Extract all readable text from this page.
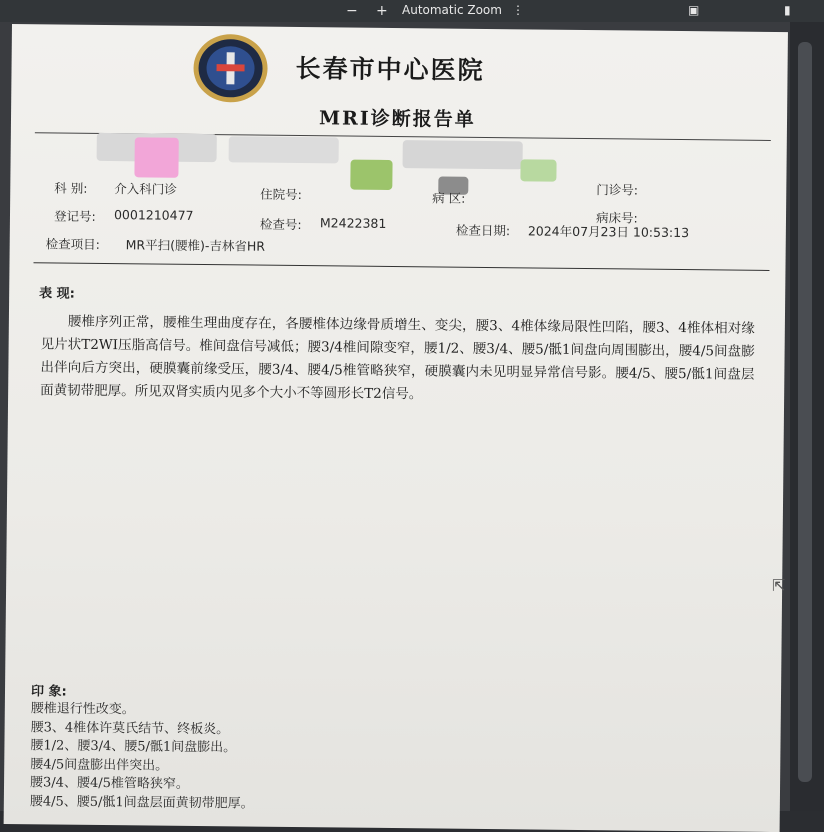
− + Automatic Zoom ⋮	▣	▮
长春市中心医院
MRI诊断报告单
科 别: 介入科门诊	住院号:	病 区:
门诊号:
登记号: 0001210477	病床号:
检查号: M2422381	检查日期: 2024年07月23日 10:53:13
检查项目: MR平扫(腰椎)-吉林省HR
表 现:
腰椎序列正常，腰椎生理曲度存在，各腰椎体边缘骨质增生、变尖，腰3、4椎体缘局限性凹陷，腰3、4椎体相对缘见片状T2WI压脂高信号。椎间盘信号减低；腰3/4椎间隙变窄，腰1/2、腰3/4、腰5/骶1间盘向周围膨出，腰4/5间盘膨出伴向后方突出，硬膜囊前缘受压，腰3/4、腰4/5椎管略狭窄，硬膜囊内未见明显异常信号影。腰4/5、腰5/骶1间盘层面黄韧带肥厚。所见双肾实质内见多个大小不等圆形长T2信号。
印 象:
腰椎退行性改变。
腰3、4椎体许莫氏结节、终板炎。
腰1/2、腰3/4、腰5/骶1间盘膨出。
腰4/5间盘膨出伴突出。
腰3/4、腰4/5椎管略狭窄。
腰4/5、腰5/骶1间盘层面黄韧带肥厚。
⇱
